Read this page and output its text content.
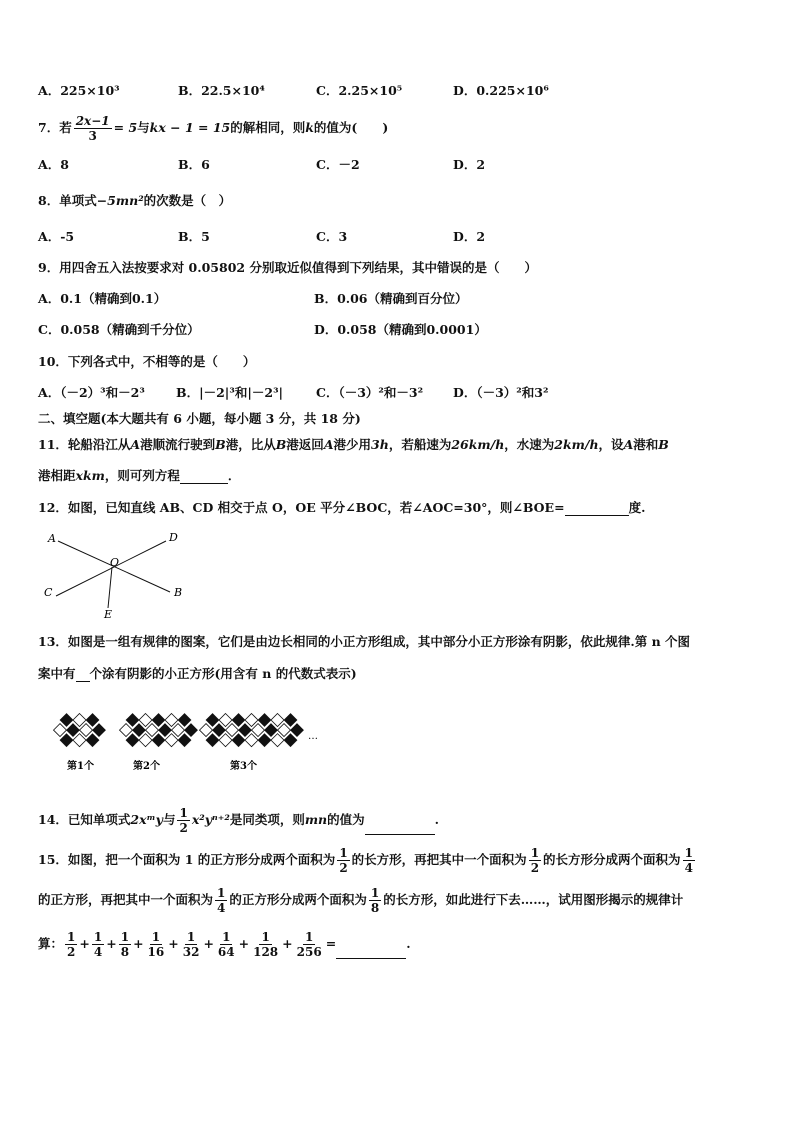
A．225×10³	B．22.5×10⁴	C．2.25×10⁵	D．0.225×10⁶
7．若 $\frac{2x-1}{3} = 5$与kx − 1 = 15的解相同，则k的值为(　　)
A．8	B．6	C．－2	D．2
8．单项式−5mn²的次数是（　）
A．-5	B．5	C．3	D．2
9．用四舍五入法按要求对 0.05802 分别取近似值得到下列结果，其中错误的是（　　）
A．0.1（精确到0.1）	B．0.06（精确到百分位）
C．0.058（精确到千分位）	D．0.058（精确到0.0001）
10．下列各式中，不相等的是（　　）
A．（－2）³和－2³ B．|－2|³和|－2³|	C．（－3）²和－3² D．（－3）²和3²
二、填空题(本大题共有 6 小题，每小题 3 分，共 18 分)
11．轮船沿江从A港顺流行驶到B港，比从B港返回A港少用3h，若船速为26km/h，水速为2km/h，设A港和B
港相距xkm，则可列方程	．
12．如图，已知直线 AB、CD 相交于点 O，OE 平分∠BOC，若∠AOC=30°，则∠BOE=	度.
A	D
O
C	B
E
13．如图是一组有规律的图案，它们是由边长相同的小正方形组成，其中部分小正方形涂有阴影，依此规律.第 n 个图
案中有 个涂有阴影的小正方形(用含有 n 的代数式表示)
第1个	第2个	第3个
…
14．已知单项式2xᵐy与 $\frac{1}{2} x^2y^{n+2}$是同类项，则mn的值为	.
15．如图，把一个面积为 1 的正方形分成两个面积为 $\frac{1}{2}$ 的长方形，再把其中一个面积为 $\frac{1}{2}$ 的长方形分成两个面积为 $\frac{1}{4}$
的正方形，再把其中一个面积为 $\frac{1}{4}$ 的正方形分成两个面积为 $\frac{1}{8}$ 的长方形，如此进行下去……，试用图形揭示的规律计
算： $\frac{1}{2} + \frac{1}{4} + \frac{1}{8} + \frac{1}{16} + \frac{1}{32} + \frac{1}{64} + \frac{1}{128} + \frac{1}{256}$ =	.
